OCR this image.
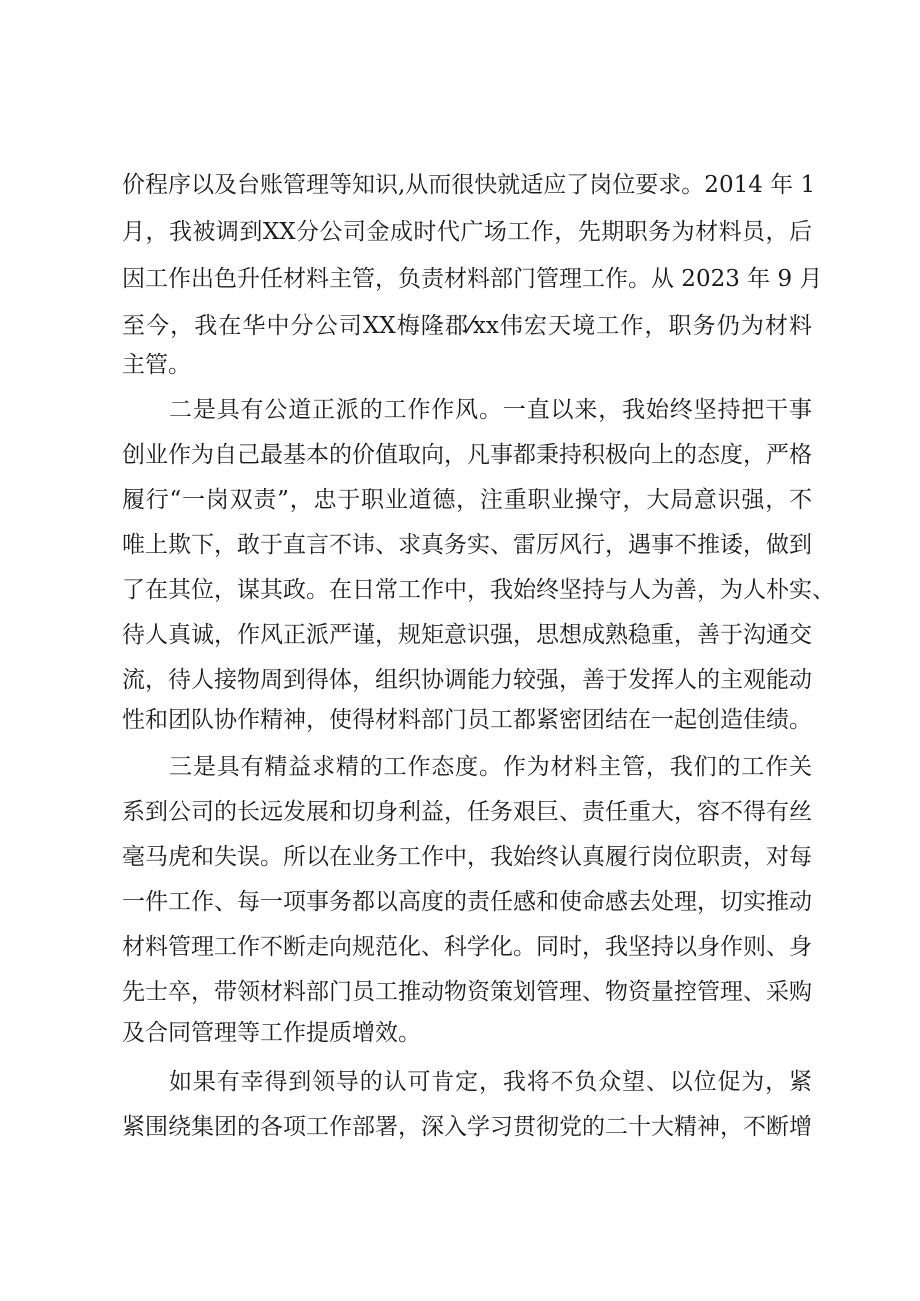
价程序以及台账管理等知识,从而很快就适应了岗位要求。2014 年 1

月，我被调到XX分公司金成时代广场工作，先期职务为材料员，后

因工作出色升任材料主管，负责材料部门管理工作。从 2023 年 9 月

至今，我在华中分公司XX梅隆郡⁄xx伟宏天境工作，职务仍为材料

主管。

二是具有公道正派的工作作风。一直以来，我始终坚持把干事

创业作为自己最基本的价值取向，凡事都秉持积极向上的态度，严格

履行“一岗双责”，忠于职业道德，注重职业操守，大局意识强，不

唯上欺下，敢于直言不讳、求真务实、雷厉风行，遇事不推诿，做到

了在其位，谋其政。在日常工作中，我始终坚持与人为善，为人朴实、

待人真诚，作风正派严谨，规矩意识强，思想成熟稳重，善于沟通交

流，待人接物周到得体，组织协调能力较强，善于发挥人的主观能动

性和团队协作精神，使得材料部门员工都紧密团结在一起创造佳绩。

三是具有精益求精的工作态度。作为材料主管，我们的工作关

系到公司的长远发展和切身利益，任务艰巨、责任重大，容不得有丝

毫马虎和失误。所以在业务工作中，我始终认真履行岗位职责，对每

一件工作、每一项事务都以高度的责任感和使命感去处理，切实推动

材料管理工作不断走向规范化、科学化。同时，我坚持以身作则、身

先士卒，带领材料部门员工推动物资策划管理、物资量控管理、采购

及合同管理等工作提质增效。

如果有幸得到领导的认可肯定，我将不负众望、以位促为，紧

紧围绕集团的各项工作部署，深入学习贯彻党的二十大精神，不断增
